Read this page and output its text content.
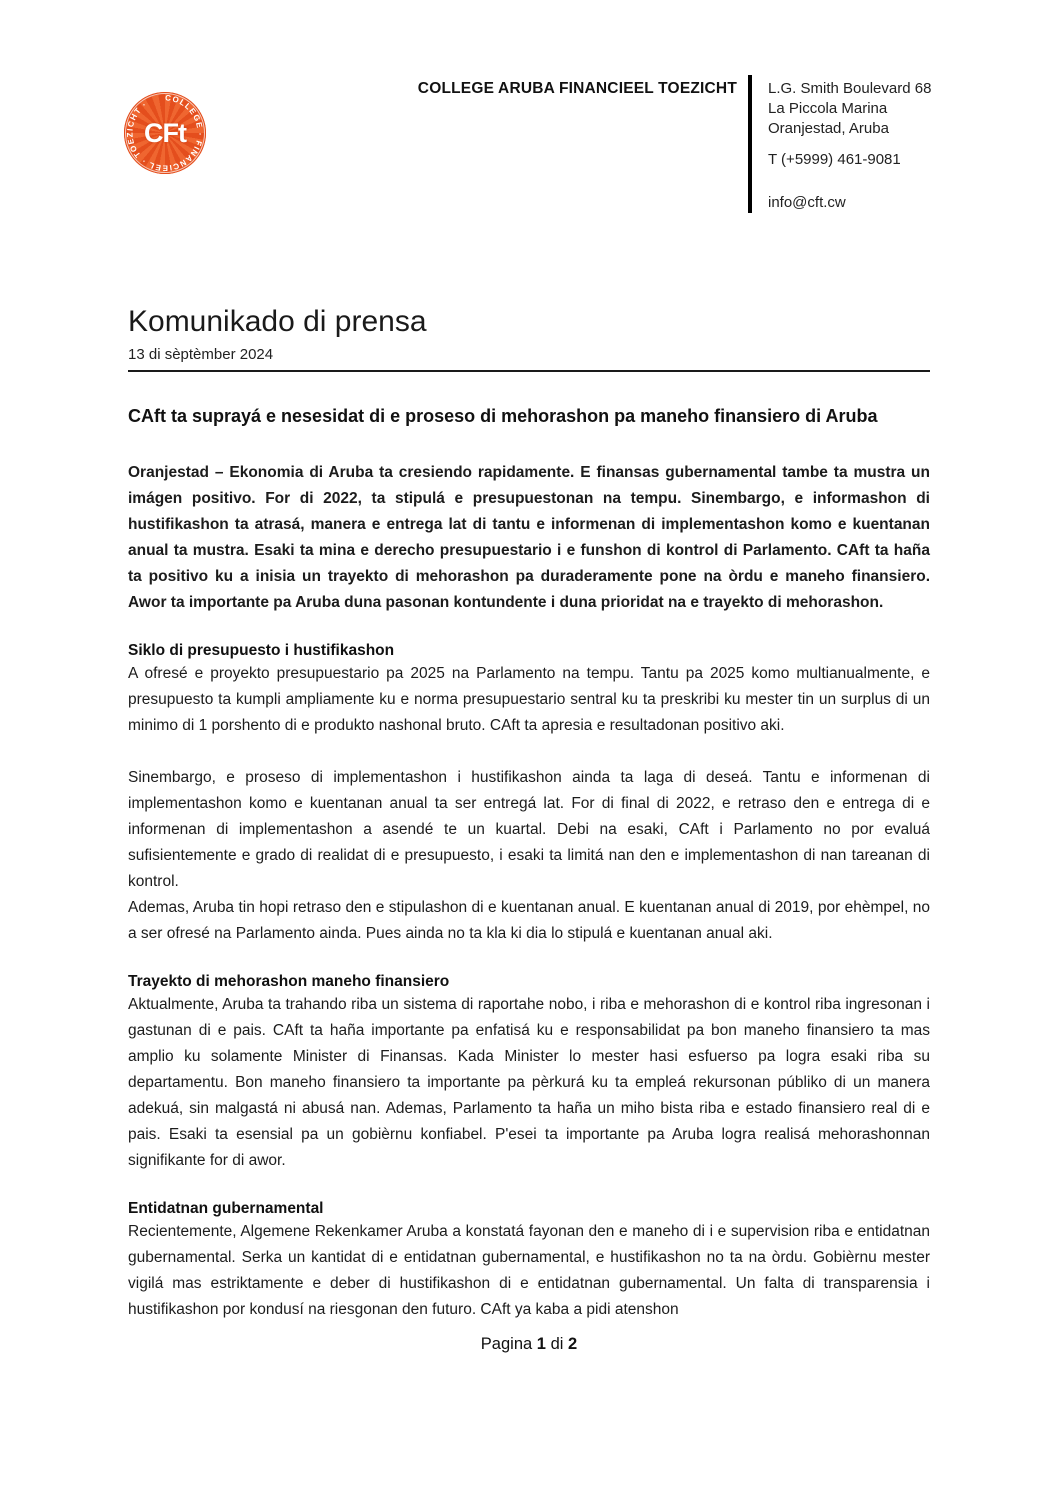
COLLEGE · FINANCIEEL · TOEZICHT ·
CFt
COLLEGE ARUBA FINANCIEEL TOEZICHT L.G. Smith Boulevard 68
La Piccola Marina
Oranjestad, Aruba
T (+5999) 461-9081
info@cft.cw
Komunikado di prensa
13 di sèptèmber 2024
CAft ta suprayá e nesesidat di e proseso di mehorashon pa maneho finansiero di Aruba

Oranjestad – Ekonomia di Aruba ta cresiendo rapidamente. E finansas gubernamental tambe ta mustra un imágen positivo. For di 2022, ta stipulá e presupuestonan na tempu. Sinembargo, e informashon di hustifikashon ta atrasá, manera e entrega lat di tantu e informenan di implementashon komo e kuentanan anual ta mustra. Esaki ta mina e derecho presupuestario i e funshon di kontrol di Parlamento. CAft ta haña ta positivo ku a inisia un trayekto di mehorashon pa duraderamente pone na òrdu e maneho finansiero. Awor ta importante pa Aruba duna pasonan kontundente i duna prioridat na e trayekto di mehorashon.

Siklo di presupuesto i hustifikashon

A ofresé e proyekto presupuestario pa 2025 na Parlamento na tempu. Tantu pa 2025 komo multianualmente, e presupuesto ta kumpli ampliamente ku e norma presupuestario sentral ku ta preskribi ku mester tin un surplus di un minimo di 1 porshento di e produkto nashonal bruto. CAft ta apresia e resultadonan positivo aki.

Sinembargo, e proseso di implementashon i hustifikashon ainda ta laga di deseá. Tantu e informenan di implementashon komo e kuentanan anual ta ser entregá lat. For di final di 2022, e retraso den e entrega di e informenan di implementashon a asendé te un kuartal. Debi na esaki, CAft i Parlamento no por evaluá sufisientemente e grado di realidat di e presupuesto, i esaki ta limitá nan den e implementashon di nan tareanan di kontrol.

Ademas, Aruba tin hopi retraso den e stipulashon di e kuentanan anual. E kuentanan anual di 2019, por ehèmpel, no a ser ofresé na Parlamento ainda. Pues ainda no ta kla ki dia lo stipulá e kuentanan anual aki.

Trayekto di mehorashon maneho finansiero

Aktualmente, Aruba ta trahando riba un sistema di raportahe nobo, i riba e mehorashon di e kontrol riba ingresonan i gastunan di e pais. CAft ta haña importante pa enfatisá ku e responsabilidat pa bon maneho finansiero ta mas amplio ku solamente Minister di Finansas. Kada Minister lo mester hasi esfuerso pa logra esaki riba su departamentu. Bon maneho finansiero ta importante pa pèrkurá ku ta empleá rekursonan públiko di un manera adekuá, sin malgastá ni abusá nan. Ademas, Parlamento ta haña un miho bista riba e estado finansiero real di e pais. Esaki ta esensial pa un gobièrnu konfiabel. P'esei ta importante pa Aruba logra realisá mehorashonnan signifikante for di awor.

Entidatnan gubernamental

Recientemente, Algemene Rekenkamer Aruba a konstatá fayonan den e maneho di i e supervision riba e entidatnan gubernamental. Serka un kantidat di e entidatnan gubernamental, e hustifikashon no ta na òrdu. Gobièrnu mester vigilá mas estriktamente e deber di hustifikashon di e entidatnan gubernamental. Un falta di transparensia i hustifikashon por kondusí na riesgonan den futuro. CAft ya kaba a pidi atenshon

Pagina 1 di 2
